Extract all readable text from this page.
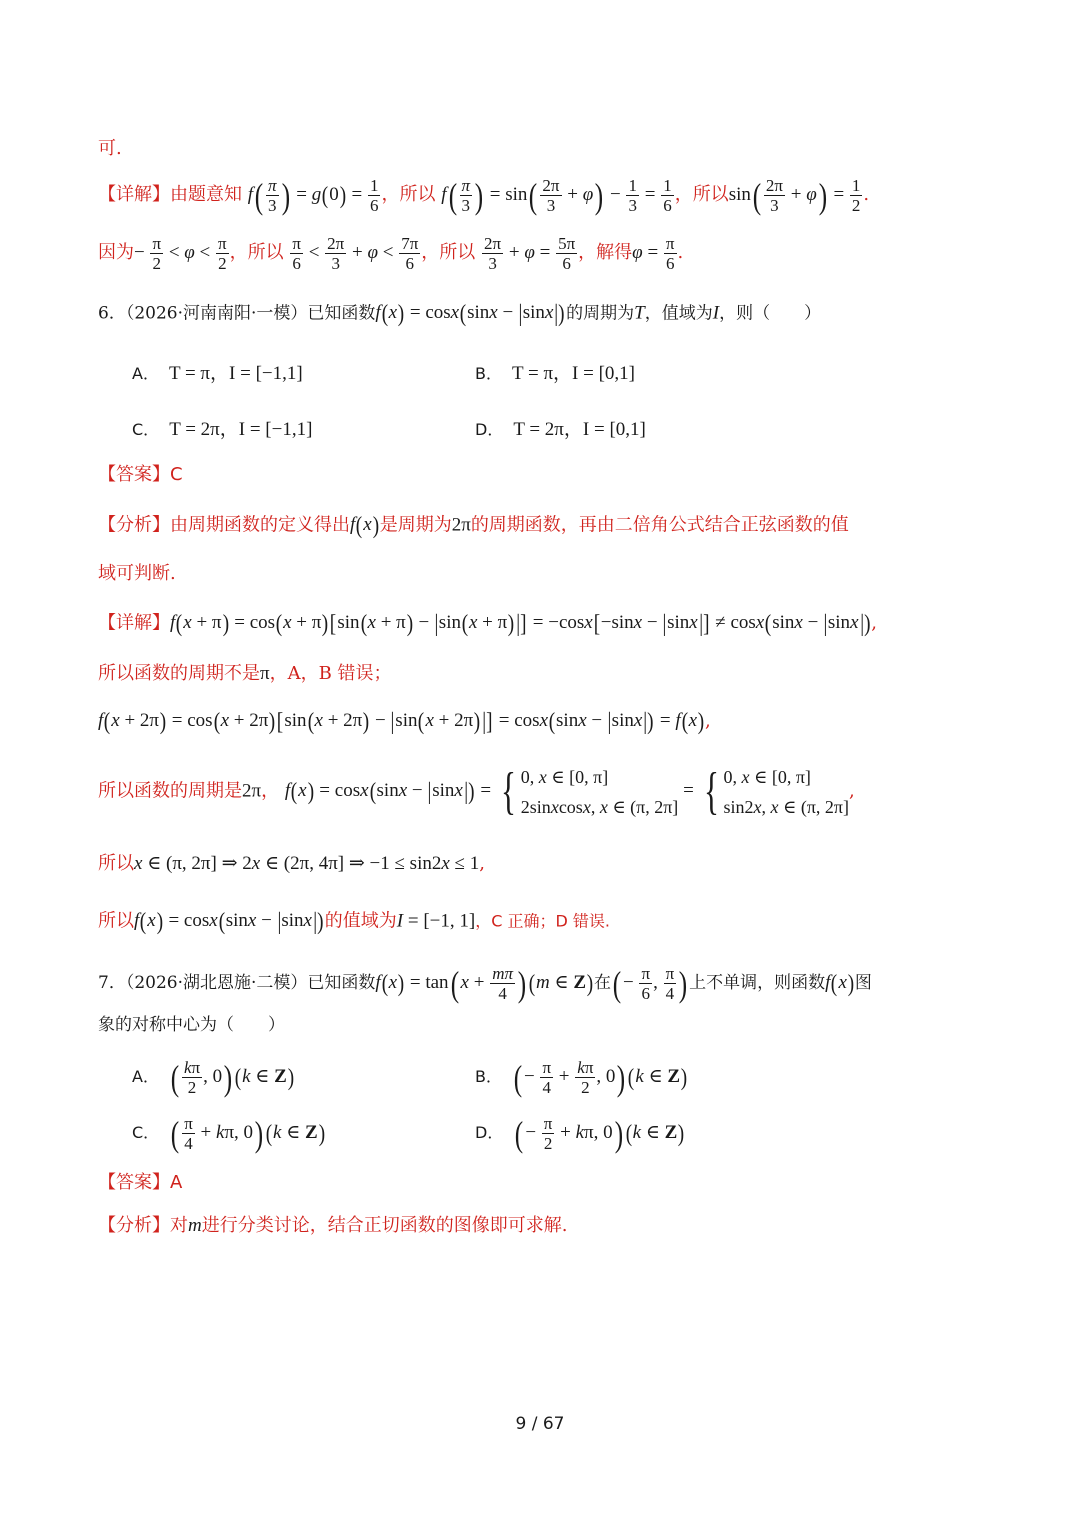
可.
【详解】由题意知 $f( \frac{\pi}{3}$ ) = $g(0) = \frac{1}{6}$ ，所以 $f( \frac{\pi}{3}$ ) = $\sin( \frac{2\pi}{3} + \varphi) - \frac{1}{3} = \frac{1}{6}$ ，所以$\sin( \frac{2\pi}{3} + \varphi) = \frac{1}{2}$ .
因为− $\frac{\pi}{2} < \varphi < \frac{\pi}{2}$ ，所以 $\frac{\pi}{6} < \frac{2\pi}{3} + \varphi < \frac{7\pi}{6}$ ，所以 $\frac{2\pi}{3} + \varphi = \frac{5\pi}{6}$ ，解得$\varphi = \frac{\pi}{6}$ .
6．（2026·河南南阳·一模）已知函数f(x) = cosx(sinx − |sinx|)的周期为T，值域为I，则（　　）
A． T = π，I = [−1,1]	B． T = π，I = [0,1]
C． T = 2π，I = [−1,1]	D． T = 2π，I = [0,1]
【答案】C
【分析】由周期函数的定义得出f(x)是周期为2π的周期函数，再由二倍角公式结合正弦函数的值
域可判断.
【详解】f(x + π) = cos(x + π)[sin(x + π) − |sin(x + π)|] = −cosx[−sinx − |sinx|] ≠ cosx(sinx − |sinx|),
所以函数的周期不是π，A，B 错误；
f(x + 2π) = cos(x + 2π)[sin(x + 2π) − |sin(x + 2π)|] = cosx(sinx − |sinx|) = f(x),
所以函数的周期是2π， f(x) = cosx(sinx − |sinx|) = { 0, x ∈ [0, π]
2sinxcosx, x ∈ (π, 2π]
= { 0, x ∈ [0, π]
sin2x, x ∈ (π, 2π]
,
所以x ∈ (π, 2π] ⇒ 2x ∈ (2π, 4π] ⇒ −1 ≤ sin2x ≤ 1,
所以f(x) = cosx(sinx − |sinx|)的值域为I = [−1, 1]，C 正确；D 错误.
7．（2026·湖北恩施·二模）已知函数$f(x) = \tan(x + \frac{m\pi}{4}$ ) (m ∈ Z)在(− $\frac{\pi}{6}$ , $\frac{\pi}{4}$ ) 上不单调，则函数f(x)图
象的对称中心为（　　）
A． ( $\frac{k\pi}{2}$ , 0) (k ∈ Z)	B． (− $\frac{\pi}{4} + \frac{k\pi}{2}$ , 0) (k ∈ Z)
C． ( $\frac{\pi}{4} + k\pi$, 0) (k ∈ Z)	D． (− $\frac{\pi}{2} + k\pi$, 0) (k ∈ Z)
【答案】A
【分析】对m进行分类讨论，结合正切函数的图像即可求解.
9 / 67
